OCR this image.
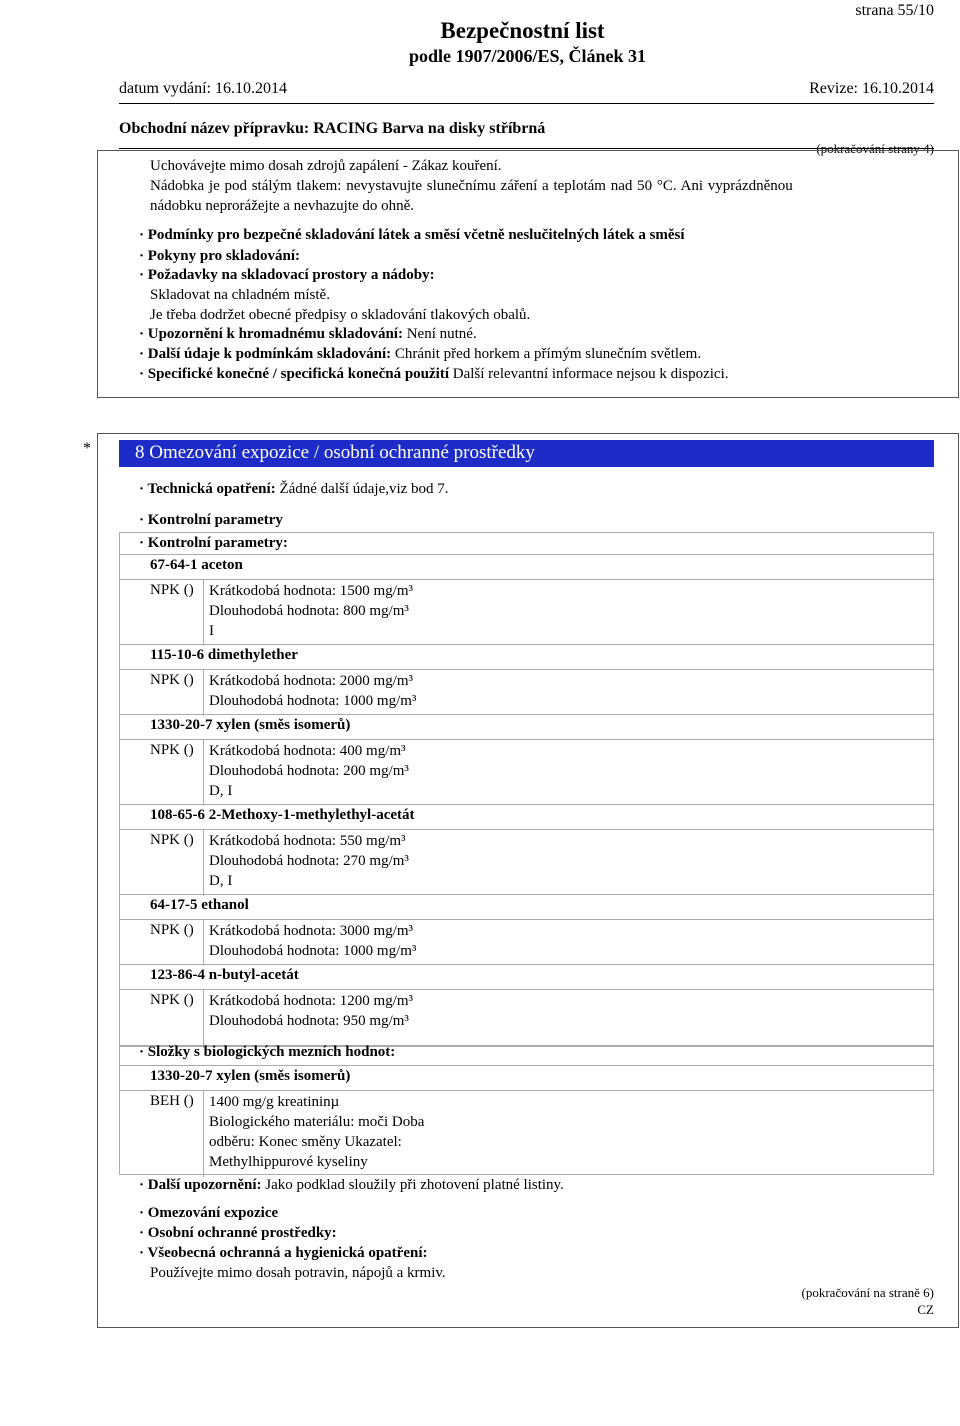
strana 55/10
Bezpečnostní list
podle 1907/2006/ES, Článek 31
datum vydání: 16.10.2014	Revize: 16.10.2014
Obchodní název přípravku: RACING Barva na disky stříbrná
(pokračování strany 4)
Uchovávejte mimo dosah zdrojů zapálení - Zákaz kouření.
Nádobka je pod stálým tlakem: nevystavujte slunečnímu záření a teplotám nad 50 °C. Ani vyprázdněnou
nádobku neprorážejte a nevhazujte do ohně.
· Podmínky pro bezpečné skladování látek a směsí včetně neslučitelných látek a směsí
· Pokyny pro skladování:
· Požadavky na skladovací prostory a nádoby:
Skladovat na chladném místě.
Je třeba dodržet obecné předpisy o skladování tlakových obalů.
· Upozornění k hromadnému skladování: Není nutné.
· Další údaje k podmínkám skladování: Chránit před horkem a přímým slunečním světlem.
· Specifické konečné / specifická konečná použití Další relevantní informace nejsou k dispozici.
* 8 Omezování expozice / osobní ochranné prostředky
· Technická opatření: Žádné další údaje,viz bod 7.
· Kontrolní parametry
· Kontrolní parametry:
67-64-1 aceton
NPK () Krátkodobá hodnota: 1500 mg/m³
Dlouhodobá hodnota: 800 mg/m³
I
115-10-6 dimethylether
NPK () Krátkodobá hodnota: 2000 mg/m³
Dlouhodobá hodnota: 1000 mg/m³
1330-20-7 xylen (směs isomerů)
NPK () Krátkodobá hodnota: 400 mg/m³
Dlouhodobá hodnota: 200 mg/m³
D, I
108-65-6 2-Methoxy-1-methylethyl-acetát
NPK () Krátkodobá hodnota: 550 mg/m³
Dlouhodobá hodnota: 270 mg/m³
D, I
64-17-5 ethanol
NPK () Krátkodobá hodnota: 3000 mg/m³
Dlouhodobá hodnota: 1000 mg/m³
123-86-4 n-butyl-acetát
NPK () Krátkodobá hodnota: 1200 mg/m³
Dlouhodobá hodnota: 950 mg/m³
· Složky s biologických mezních hodnot:
1330-20-7 xylen (směs isomerů)
BEH () 1400 mg/g kreatininµ
Biologického materiálu: moči Doba
odběru: Konec směny Ukazatel:
Methylhippurové kyseliny
· Další upozornění: Jako podklad sloužily při zhotovení platné listiny.
· Omezování expozice
· Osobní ochranné prostředky:
· Všeobecná ochranná a hygienická opatření:
Používejte mimo dosah potravin, nápojů a krmiv.
(pokračování na straně 6)
CZ
